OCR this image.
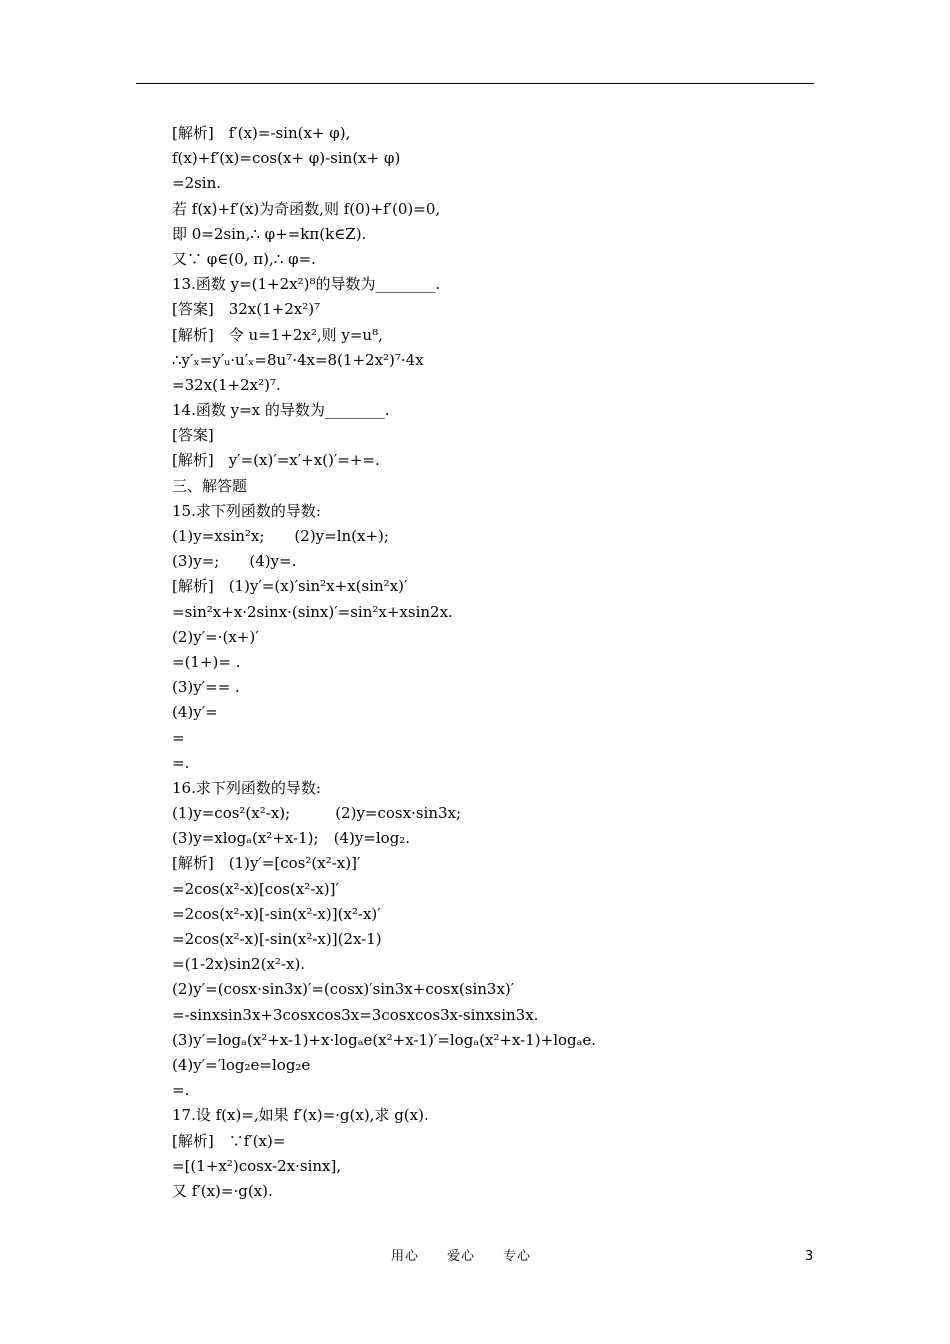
[解析]　f′(x)=-sin(x+ φ),
f(x)+f′(x)=cos(x+ φ)-sin(x+ φ)
=2sin.
若 f(x)+f′(x)为奇函数,则 f(0)+f′(0)=0,
即 0=2sin,∴ φ+=kπ(k∈Z).
又∵ φ∈(0, π),∴ φ=.
13.函数 y=(1+2x²)⁸的导数为________.
[答案]　32x(1+2x²)⁷
[解析]　令 u=1+2x²,则 y=u⁸,
∴y′ₓ=y′ᵤ·u′ₓ=8u⁷·4x=8(1+2x²)⁷·4x
=32x(1+2x²)⁷.
14.函数 y=x 的导数为________.
[答案]
[解析]　y′=(x)′=x′+x()′=+=.
三、解答题
15.求下列函数的导数:
(1)y=xsin²x;　　(2)y=ln(x+);
(3)y=;　　(4)y=.
[解析]　(1)y′=(x)′sin²x+x(sin²x)′
=sin²x+x·2sinx·(sinx)′=sin²x+xsin2x.
(2)y′=·(x+)′
=(1+)= .
(3)y′== .
(4)y′=
=
=.
16.求下列函数的导数:
(1)y=cos²(x²-x);　　　(2)y=cosx·sin3x;
(3)y=xlogₐ(x²+x-1);　(4)y=log₂.
[解析]　(1)y′=[cos²(x²-x)]′
=2cos(x²-x)[cos(x²-x)]′
=2cos(x²-x)[-sin(x²-x)](x²-x)′
=2cos(x²-x)[-sin(x²-x)](2x-1)
=(1-2x)sin2(x²-x).
(2)y′=(cosx·sin3x)′=(cosx)′sin3x+cosx(sin3x)′
=-sinxsin3x+3cosxcos3x=3cosxcos3x-sinxsin3x.
(3)y′=logₐ(x²+x-1)+x·logₐe(x²+x-1)′=logₐ(x²+x-1)+logₐe.
(4)y′=′log₂e=log₂e
=.
17.设 f(x)=,如果 f′(x)=·g(x),求 g(x).
[解析]　∵f′(x)=
=[(1+x²)cosx-2x·sinx],
又 f′(x)=·g(x).
用心　　爱心　　专心	3
